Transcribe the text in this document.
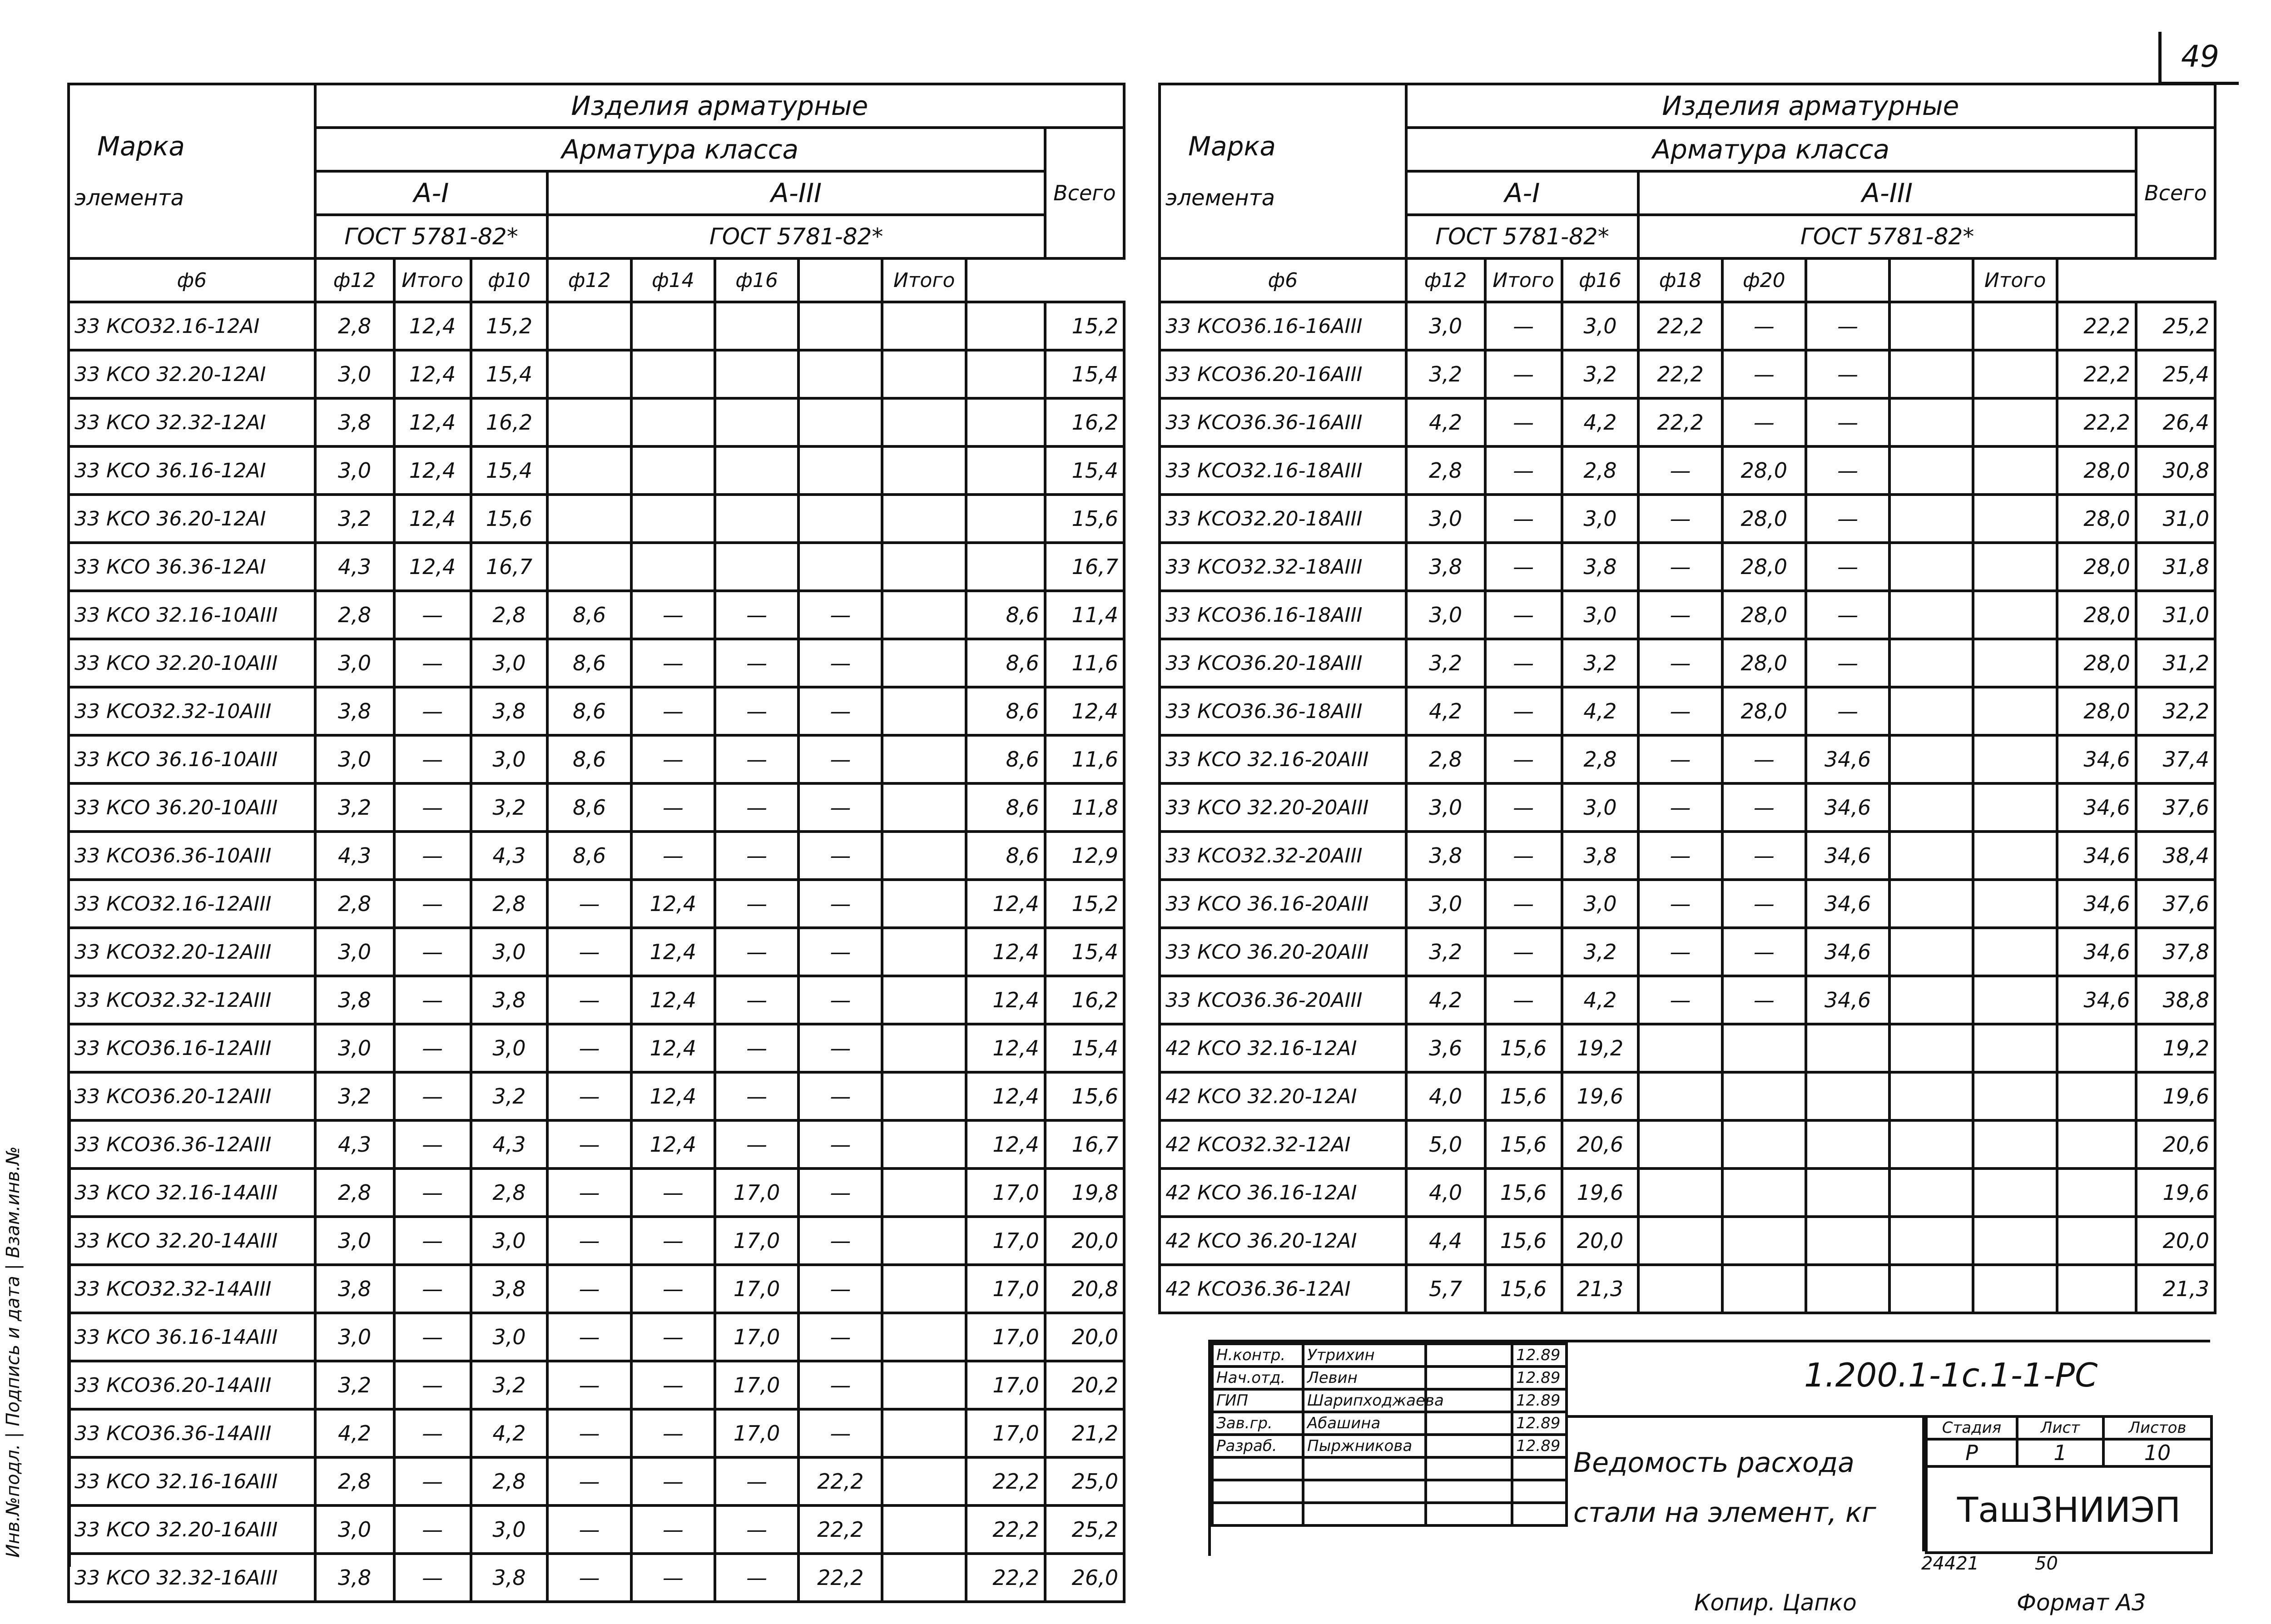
49
Марка
элемента	Изделия арматурные									
	Арматура класса									Всего
	А-I			А-III						
	ГОСТ 5781-82*			ГОСТ 5781-82*						
ф6	ф12	Итого	ф10	ф12	ф14	ф16		Итого		
33 КСО32.16-12АI	2,8	12,4	15,2							15,2
33 КСО 32.20-12АI	3,0	12,4	15,4							15,4
33 КСО 32.32-12АI	3,8	12,4	16,2							16,2
33 КСО 36.16-12АI	3,0	12,4	15,4							15,4
33 КСО 36.20-12АI	3,2	12,4	15,6							15,6
33 КСО 36.36-12АI	4,3	12,4	16,7							16,7
33 КСО 32.16-10АIII	2,8	—	2,8	8,6	—	—	—		8,6	11,4
33 КСО 32.20-10АIII	3,0	—	3,0	8,6	—	—	—		8,6	11,6
33 КСО32.32-10АIII	3,8	—	3,8	8,6	—	—	—		8,6	12,4
33 КСО 36.16-10АIII	3,0	—	3,0	8,6	—	—	—		8,6	11,6
33 КСО 36.20-10АIII	3,2	—	3,2	8,6	—	—	—		8,6	11,8
33 КСО36.36-10АIII	4,3	—	4,3	8,6	—	—	—		8,6	12,9
33 КСО32.16-12АIII	2,8	—	2,8	—	12,4	—	—		12,4	15,2
33 КСО32.20-12АIII	3,0	—	3,0	—	12,4	—	—		12,4	15,4
33 КСО32.32-12АIII	3,8	—	3,8	—	12,4	—	—		12,4	16,2
33 КСО36.16-12АIII	3,0	—	3,0	—	12,4	—	—		12,4	15,4
33 КСО36.20-12АIII	3,2	—	3,2	—	12,4	—	—		12,4	15,6
33 КСО36.36-12АIII	4,3	—	4,3	—	12,4	—	—		12,4	16,7
33 КСО 32.16-14АIII	2,8	—	2,8	—	—	17,0	—		17,0	19,8
33 КСО 32.20-14АIII	3,0	—	3,0	—	—	17,0	—		17,0	20,0
33 КСО32.32-14АIII	3,8	—	3,8	—	—	17,0	—		17,0	20,8
33 КСО 36.16-14АIII	3,0	—	3,0	—	—	17,0	—		17,0	20,0
33 КСО36.20-14АIII	3,2	—	3,2	—	—	17,0	—		17,0	20,2
33 КСО36.36-14АIII	4,2	—	4,2	—	—	17,0	—		17,0	21,2
33 КСО 32.16-16АIII	2,8	—	2,8	—	—	—	22,2		22,2	25,0
33 КСО 32.20-16АIII	3,0	—	3,0	—	—	—	22,2		22,2	25,2
33 КСО 32.32-16АIII	3,8	—	3,8	—	—	—	22,2		22,2	26,0
Марка
элемента	Изделия арматурные									
	Арматура класса									Всего
	А-I			А-III						
	ГОСТ 5781-82*			ГОСТ 5781-82*						
ф6	ф12	Итого	ф16	ф18	ф20			Итого		
33 КСО36.16-16АIII	3,0	—	3,0	22,2	—	—			22,2	25,2
33 КСО36.20-16АIII	3,2	—	3,2	22,2	—	—			22,2	25,4
33 КСО36.36-16АIII	4,2	—	4,2	22,2	—	—			22,2	26,4
33 КСО32.16-18АIII	2,8	—	2,8	—	28,0	—			28,0	30,8
33 КСО32.20-18АIII	3,0	—	3,0	—	28,0	—			28,0	31,0
33 КСО32.32-18АIII	3,8	—	3,8	—	28,0	—			28,0	31,8
33 КСО36.16-18АIII	3,0	—	3,0	—	28,0	—			28,0	31,0
33 КСО36.20-18АIII	3,2	—	3,2	—	28,0	—			28,0	31,2
33 КСО36.36-18АIII	4,2	—	4,2	—	28,0	—			28,0	32,2
33 КСО 32.16-20АIII	2,8	—	2,8	—	—	34,6			34,6	37,4
33 КСО 32.20-20АIII	3,0	—	3,0	—	—	34,6			34,6	37,6
33 КСО32.32-20АIII	3,8	—	3,8	—	—	34,6			34,6	38,4
33 КСО 36.16-20АIII	3,0	—	3,0	—	—	34,6			34,6	37,6
33 КСО 36.20-20АIII	3,2	—	3,2	—	—	34,6			34,6	37,8
33 КСО36.36-20АIII	4,2	—	4,2	—	—	34,6			34,6	38,8
42 КСО 32.16-12АI	3,6	15,6	19,2							19,2
42 КСО 32.20-12АI	4,0	15,6	19,6							19,6
42 КСО32.32-12АI	5,0	15,6	20,6							20,6
42 КСО 36.16-12АI	4,0	15,6	19,6							19,6
42 КСО 36.20-12АI	4,4	15,6	20,0							20,0
42 КСО36.36-12АI	5,7	15,6	21,3							21,3
Н.контр.	Утрихин		12.89
Нач.отд.	Левин		12.89
ГИП	Шарипходжаева		12.89
Зав.гр.	Абашина		12.89
Разраб.	Пыржникова		12.89

1.200.1-1с.1-1-РС
Ведомость расхода стали на элемент, кг
Стадия	Лист	Листов
Р	1	10
ТашЗНИИЭП		
24421	50
Копир. Цапко	Формат А3
Инв.№подл. | Подпись и дата | Взам.инв.№
